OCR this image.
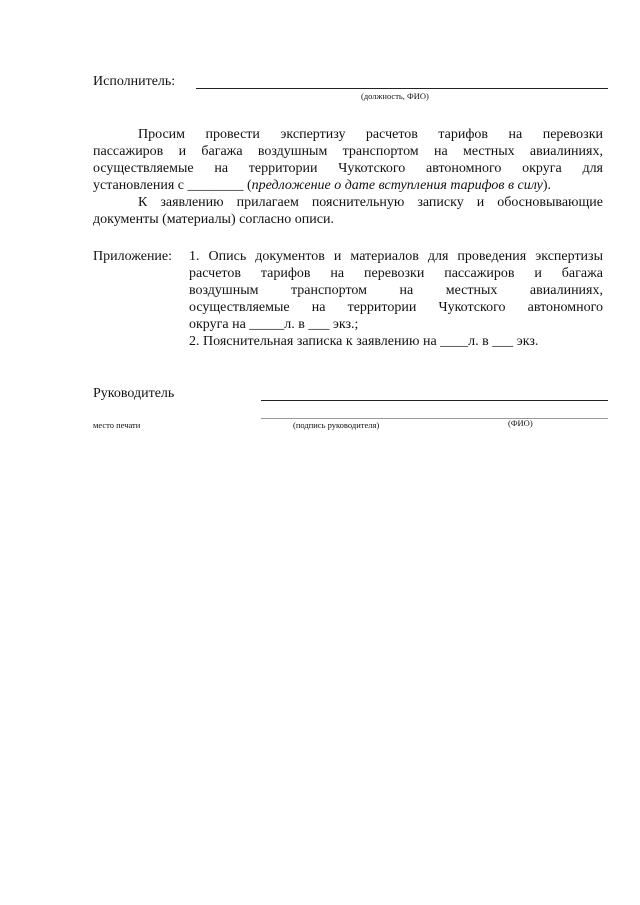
Исполнитель:
(должность, ФИО)
Просим провести экспертизу расчетов тарифов на перевозки
пассажиров и багажа воздушным транспортом на местных авиалиниях,
осуществляемые на территории Чукотского автономного округа для
установления с ________ (предложение о дате вступления тарифов в силу).
К заявлению прилагаем пояснительную записку и обосновывающие
документы (материалы) согласно описи.
Приложение: 1. Опись документов и материалов для проведения экспертизы
расчетов тарифов на перевозки пассажиров и багажа
воздушным транспортом на местных авиалиниях,
осуществляемые на территории Чукотского автономного
округа на _____л. в ___ экз.;
2. Пояснительная записка к заявлению на ____л. в ___ экз.
Руководитель
место печати	(подпись руководителя)	(ФИО)
